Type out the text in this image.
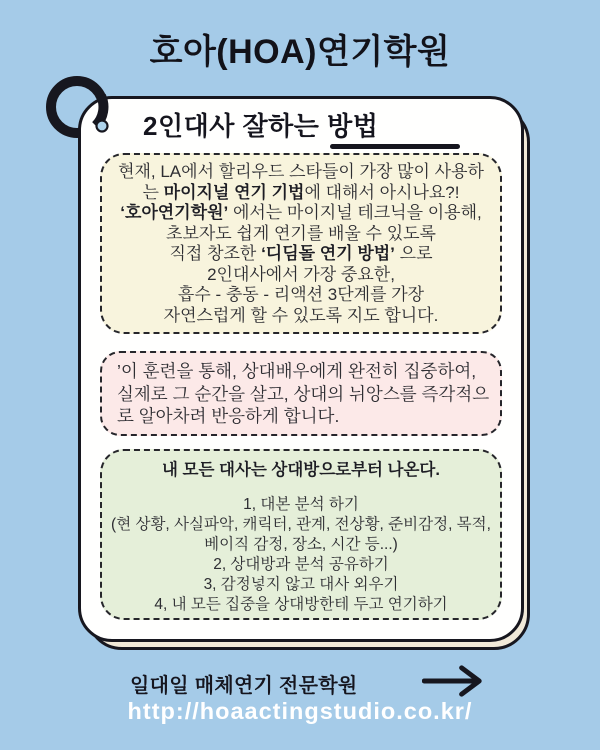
호아(HOA)연기학원
2인대사 잘하는 방법
현재, LA에서 할리우드 스타들이 가장 많이 사용하
는 마이지널 연기 기법에 대해서 아시나요?!
‘호아연기학원’ 에서는 마이지널 테크닉을 이용해,
초보자도 쉽게 연기를 배울 수 있도록
직접 창조한 ‘디딤돌 연기 방법’ 으로
2인대사에서 가장 중요한,
흡수 - 충동 - 리액션 3단계를 가장
자연스럽게 할 수 있도록 지도 합니다.
’이 훈련을 통해, 상대배우에게 완전히 집중하여,
실제로 그 순간을 살고, 상대의 뉘앙스를 즉각적으
로 알아차려 반응하게 합니다.
내 모든 대사는 상대방으로부터 나온다.
1, 대본 분석 하기
(현 상황, 사실파악, 캐릭터, 관계, 전상황, 준비감정, 목적,
베이직 감정, 장소, 시간 등...)
2, 상대방과 분석 공유하기
3, 감정넣지 않고 대사 외우기
4, 내 모든 집중을 상대방한테 두고 연기하기
일대일 매체연기 전문학원
http://hoaactingstudio.co.kr/
